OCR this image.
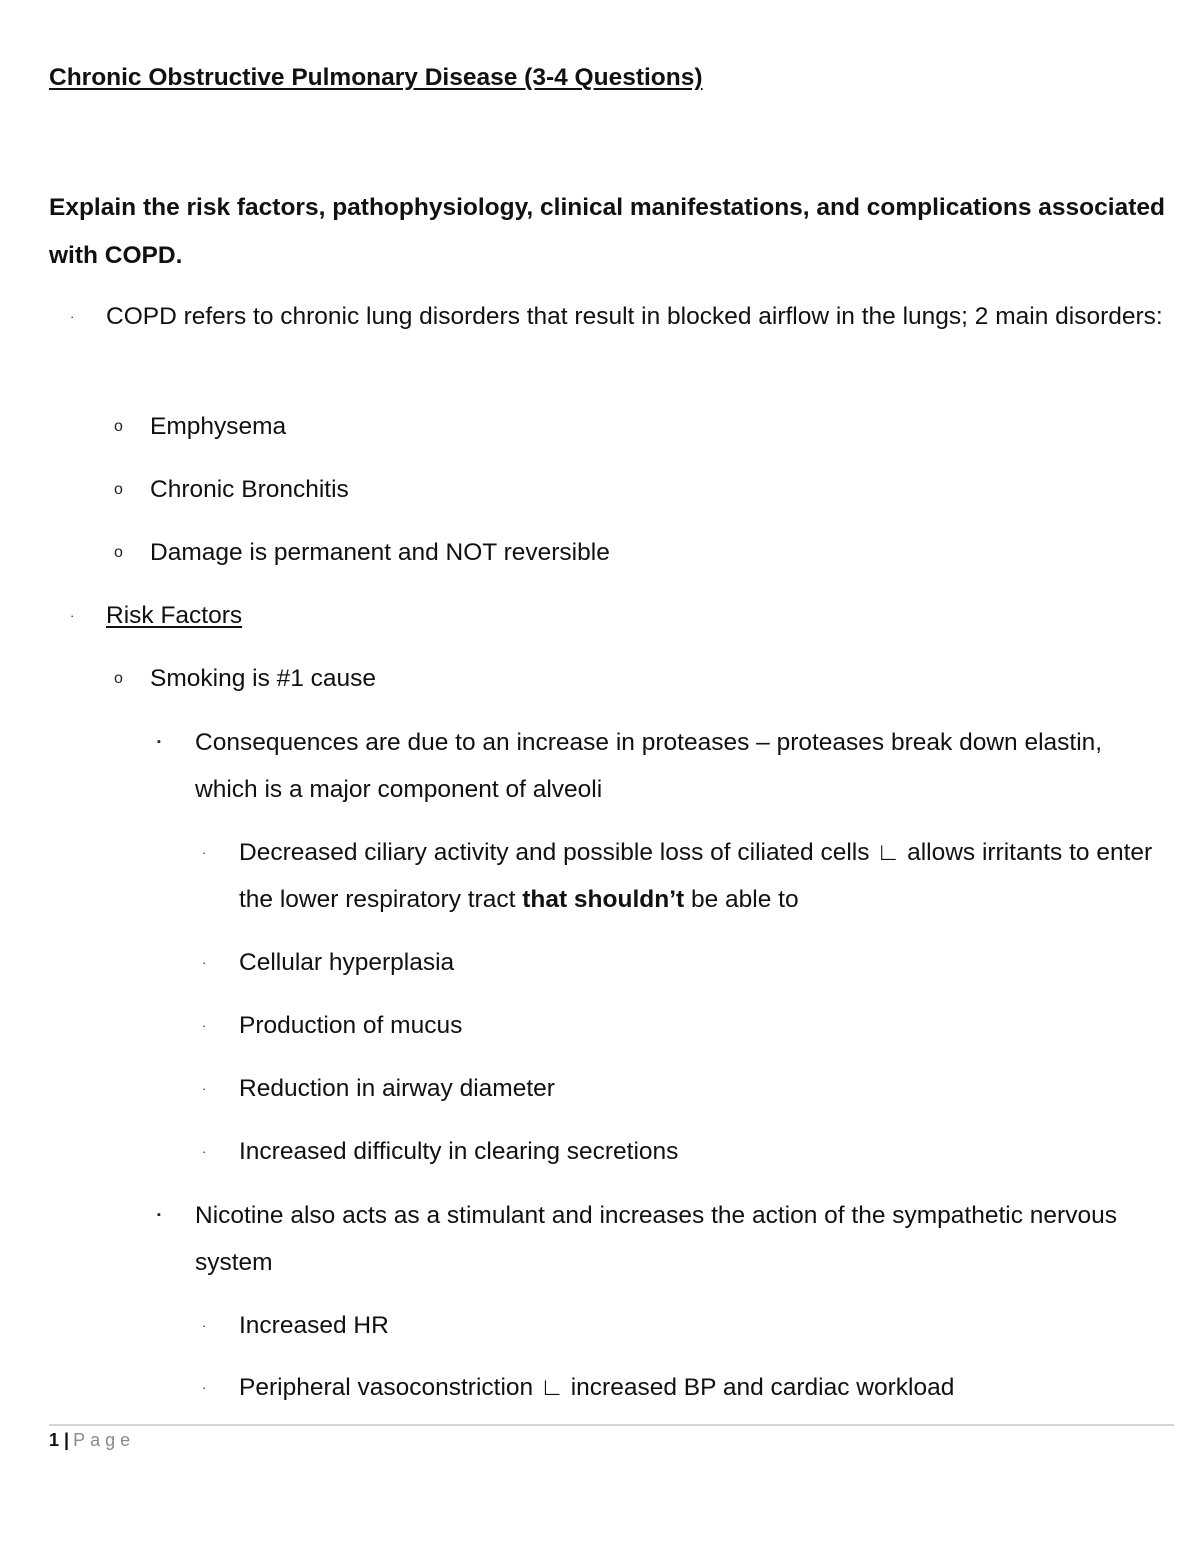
Chronic Obstructive Pulmonary Disease (3-4 Questions)

Explain the risk factors, pathophysiology, clinical manifestations, and complications associated with COPD.

· COPD refers to chronic lung disorders that result in blocked airflow in the lungs; 2 main disorders:
o Emphysema
o Chronic Bronchitis
o Damage is permanent and NOT reversible
· Risk Factors
o Smoking is #1 cause
▪ Consequences are due to an increase in proteases – proteases break down elastin, which is a major component of alveoli
· Decreased ciliary activity and possible loss of ciliated cells ∟ allows irritants to enter the lower respiratory tract that shouldn’t be able to
· Cellular hyperplasia
· Production of mucus
· Reduction in airway diameter
· Increased difficulty in clearing secretions
▪ Nicotine also acts as a stimulant and increases the action of the sympathetic nervous system
· Increased HR
· Peripheral vasoconstriction ∟ increased BP and cardiac workload
1 | Page
